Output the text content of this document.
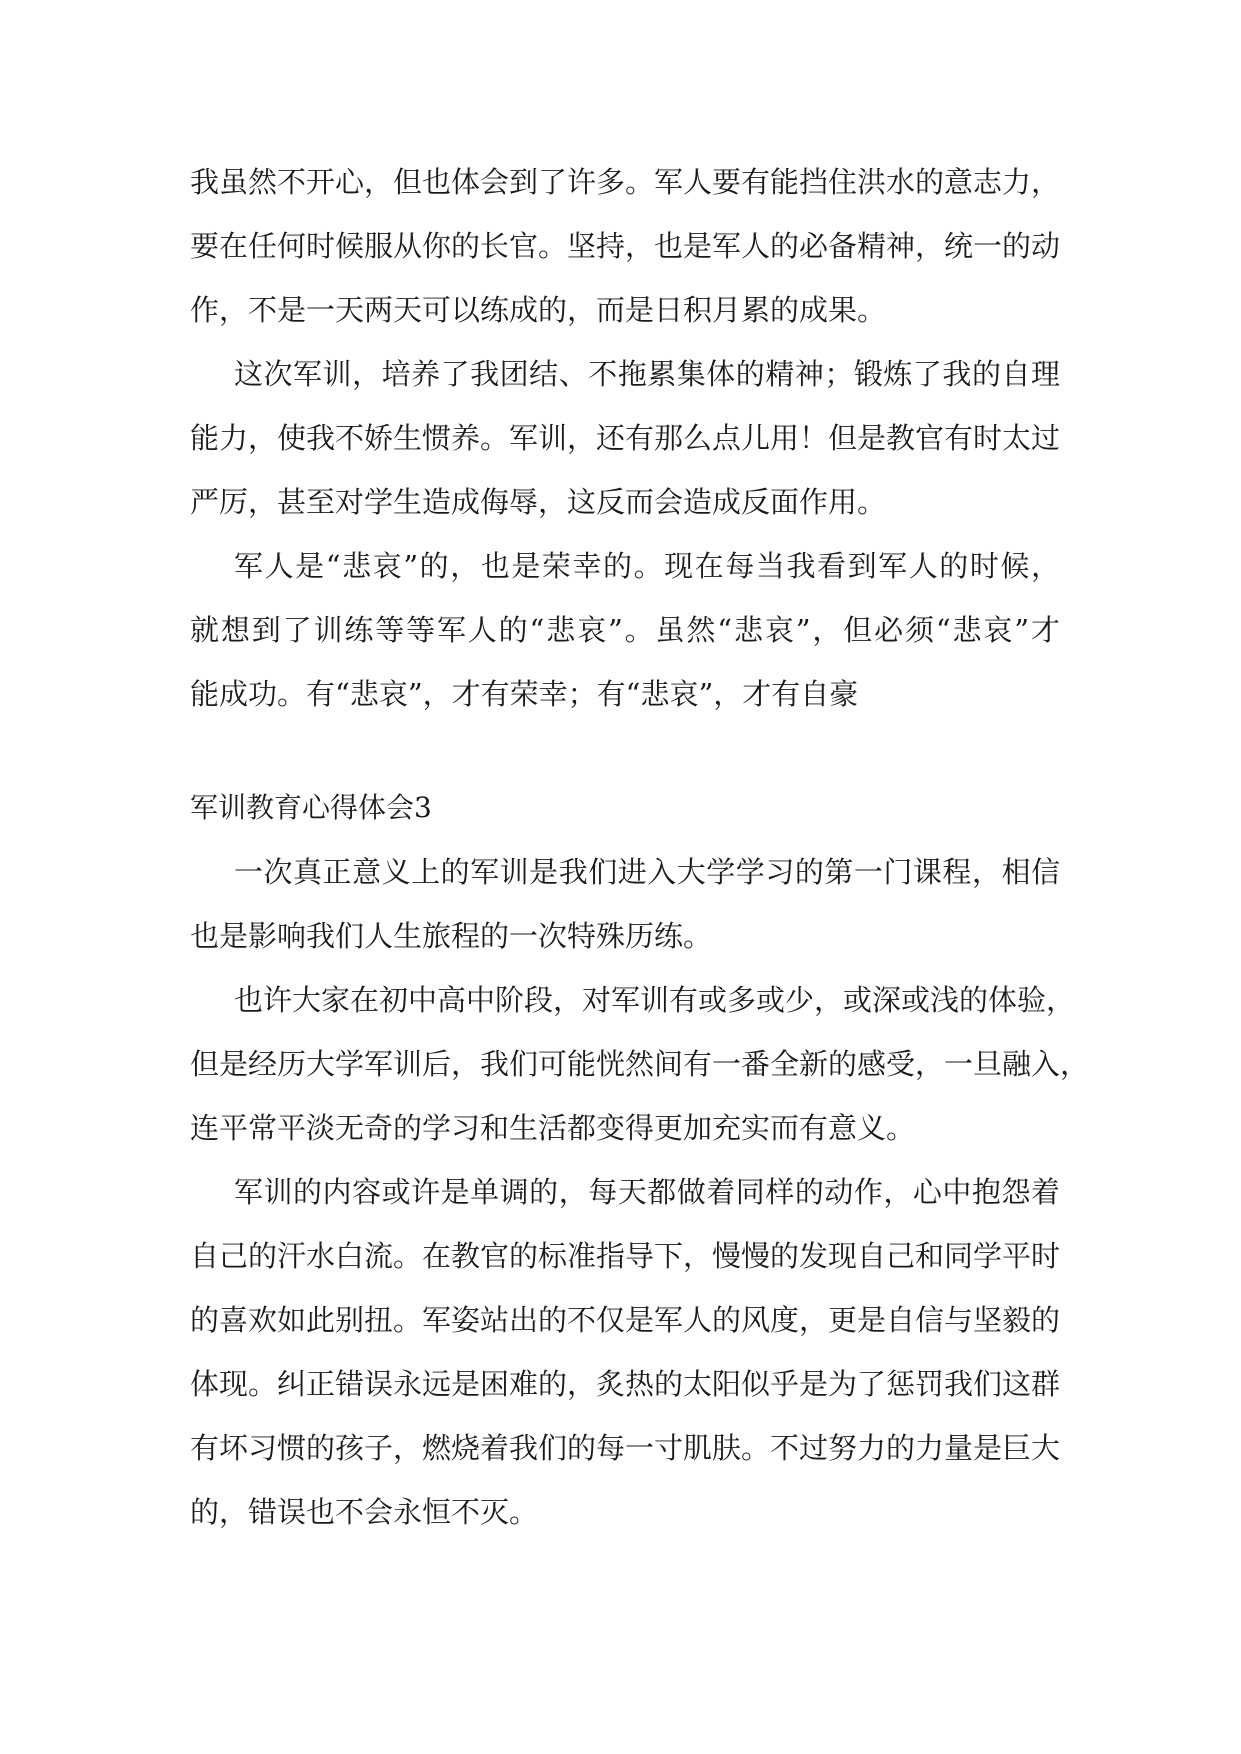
我虽然不开心，但也体会到了许多。军人要有能挡住洪水的意志力，
要在任何时候服从你的长官。坚持，也是军人的必备精神，统一的动
作，不是一天两天可以练成的，而是日积月累的成果。
这次军训，培养了我团结、不拖累集体的精神；锻炼了我的自理
能力，使我不娇生惯养。军训，还有那么点儿用！但是教官有时太过
严厉，甚至对学生造成侮辱，这反而会造成反面作用。
军人是“悲哀”的，也是荣幸的。现在每当我看到军人的时候，
就想到了训练等等军人的“悲哀”。虽然“悲哀”，但必须“悲哀”才
能成功。有“悲哀”，才有荣幸；有“悲哀”，才有自豪
军训教育心得体会3
一次真正意义上的军训是我们进入大学学习的第一门课程，相信
也是影响我们人生旅程的一次特殊历练。
也许大家在初中高中阶段，对军训有或多或少，或深或浅的体验，
但是经历大学军训后，我们可能恍然间有一番全新的感受，一旦融入，
连平常平淡无奇的学习和生活都变得更加充实而有意义。
军训的内容或许是单调的，每天都做着同样的动作，心中抱怨着
自己的汗水白流。在教官的标准指导下，慢慢的发现自己和同学平时
的喜欢如此别扭。军姿站出的不仅是军人的风度，更是自信与坚毅的
体现。纠正错误永远是困难的，炙热的太阳似乎是为了惩罚我们这群
有坏习惯的孩子，燃烧着我们的每一寸肌肤。不过努力的力量是巨大
的，错误也不会永恒不灭。
